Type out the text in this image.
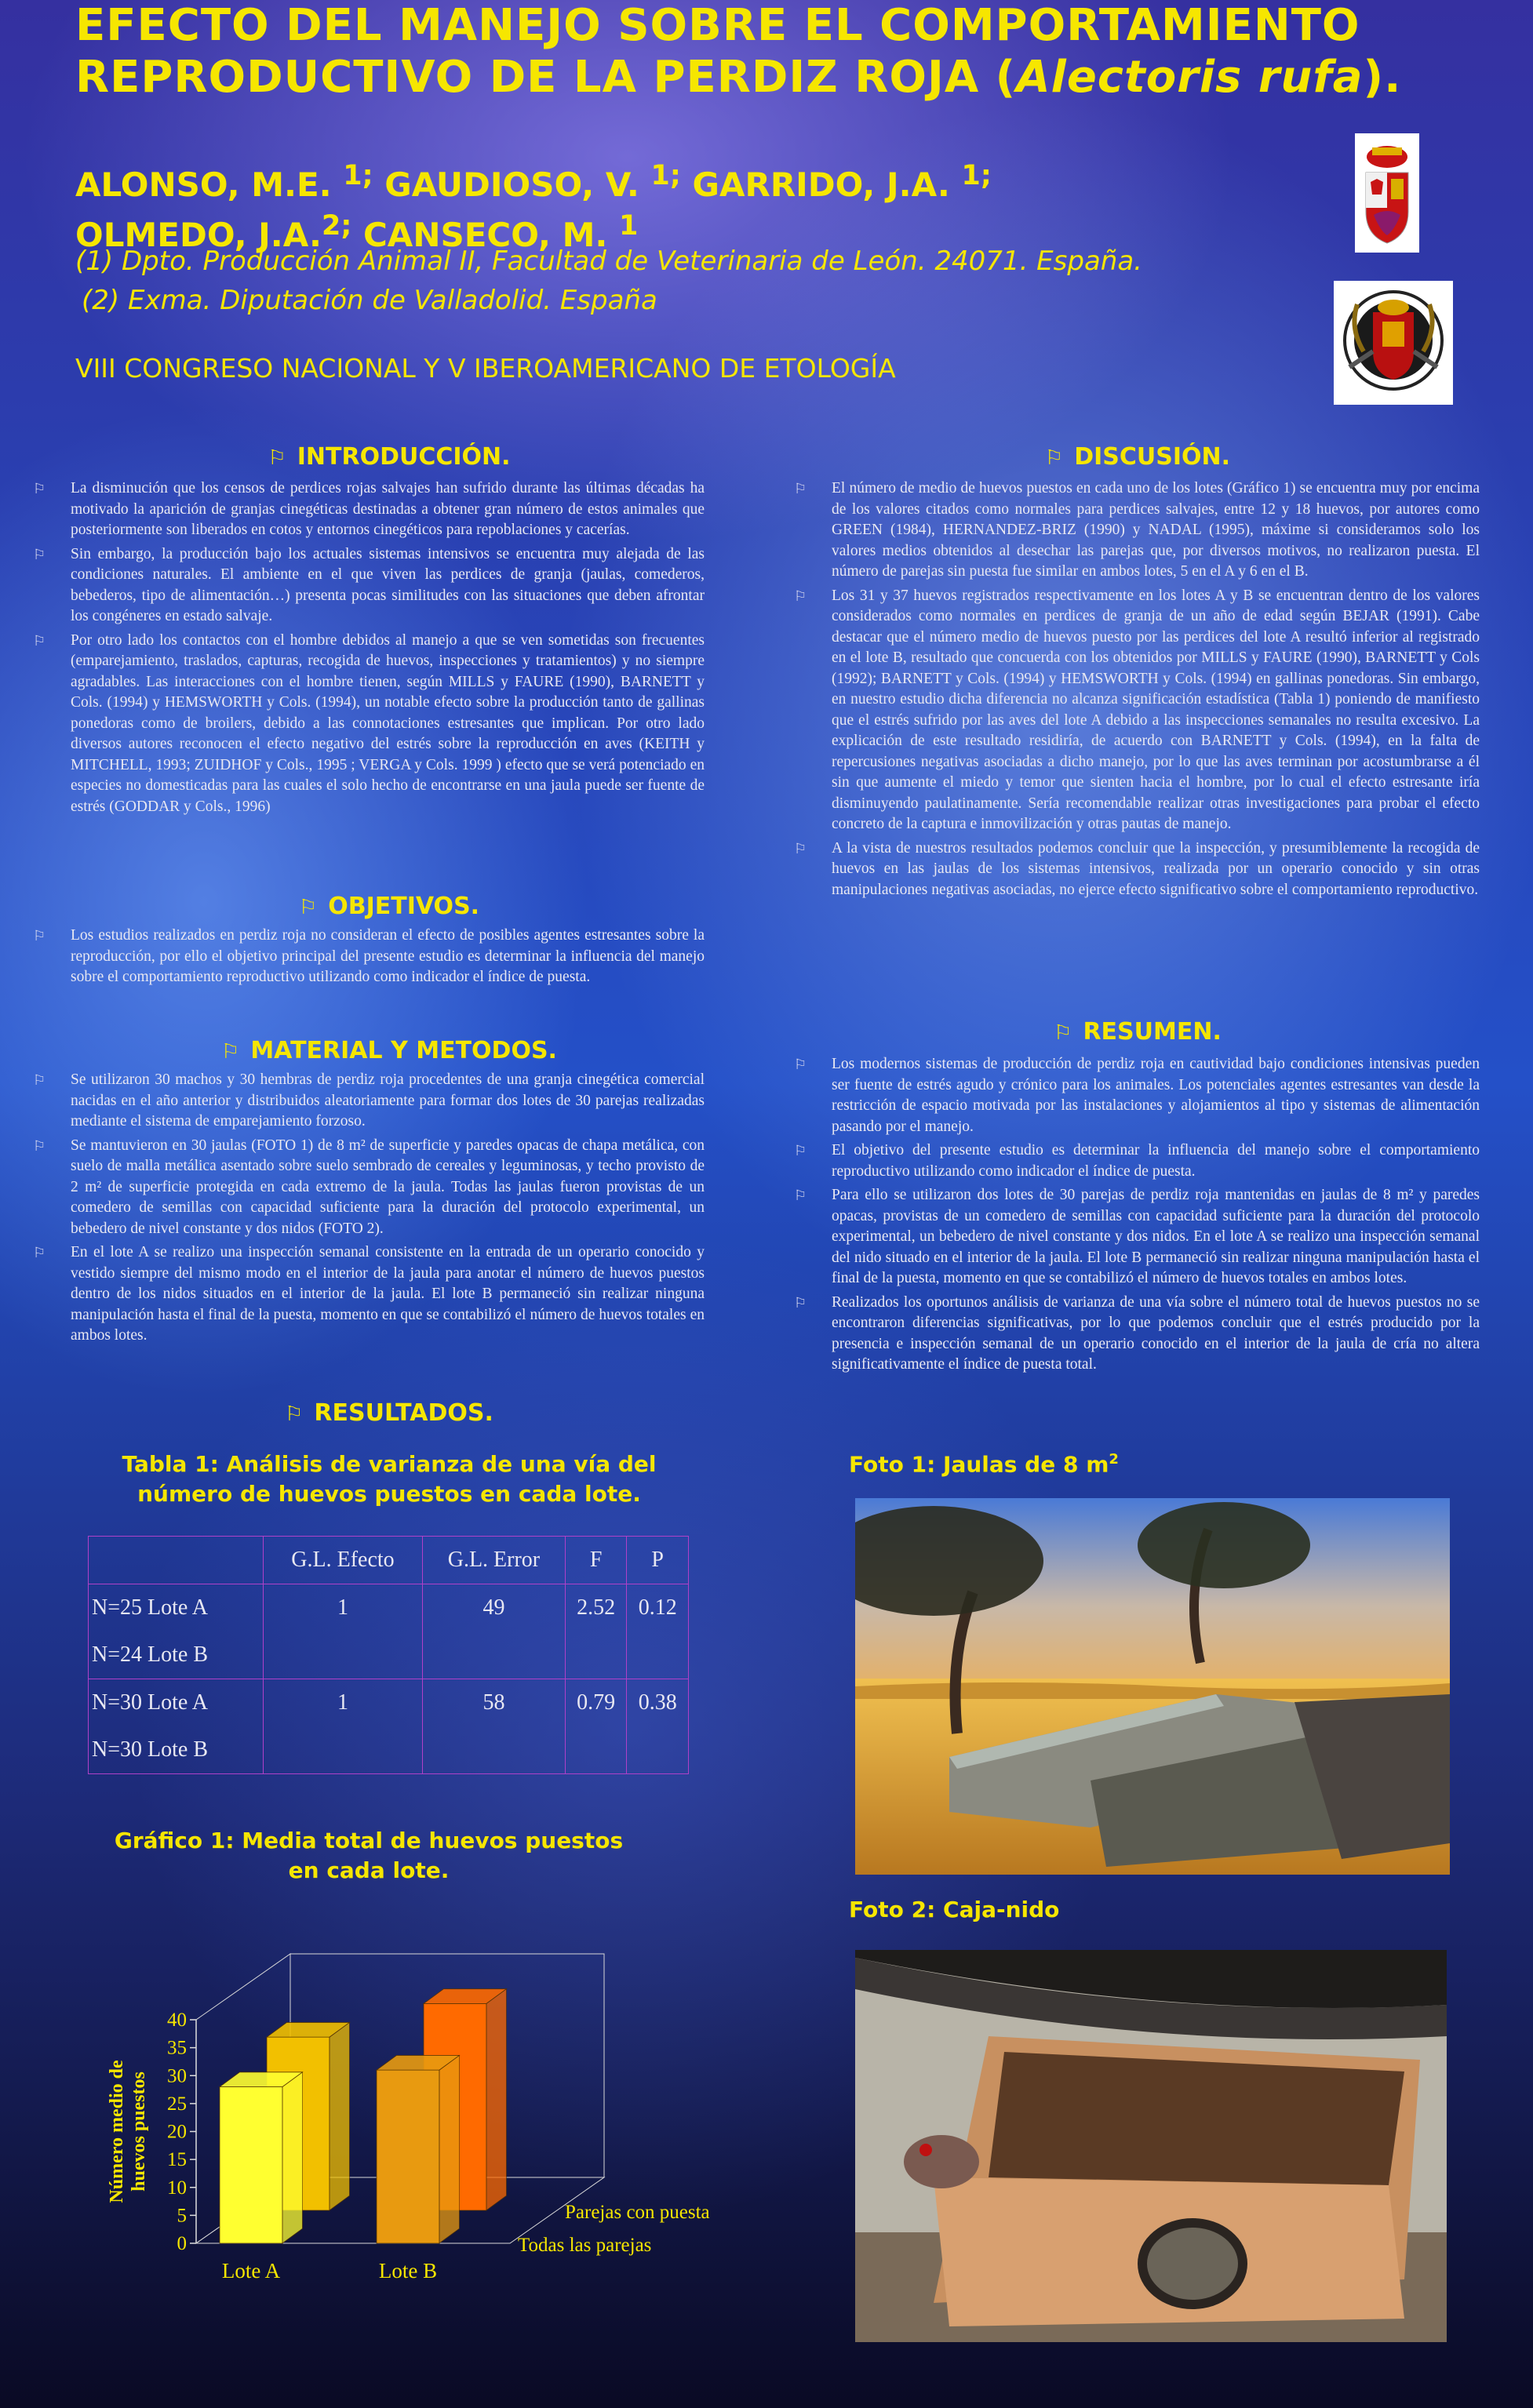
EFECTO DEL MANEJO SOBRE EL COMPORTAMIENTO REPRODUCTIVO DE LA PERDIZ ROJA (Alectoris rufa).
ALONSO, M.E. $^{1;}$ GAUDIOSO, V. $^{1;}$ GARRIDO, J.A. $^{1;}$
OLMEDO, J.A.$^{2;}$ CANSECO, M. $^1$
(1) Dpto. Producción Animal II, Facultad de Veterinaria de León. 24071. España.
(2) Exma. Diputación de Valladolid. España
VIII CONGRESO NACIONAL Y V IBEROAMERICANO DE ETOLOGÍA
⚐ INTRODUCCIÓN.
⚐ La disminución que los censos de perdices rojas salvajes han sufrido durante las últimas décadas ha motivado la aparición de granjas cinegéticas destinadas a obtener gran número de estos animales que posteriormente son liberados en cotos y entornos cinegéticos para repoblaciones y cacerías.
⚐ Sin embargo, la producción bajo los actuales sistemas intensivos se encuentra muy alejada de las condiciones naturales. El ambiente en el que viven las perdices de granja (jaulas, comederos, bebederos, tipo de alimentación…) presenta pocas similitudes con las situaciones que deben afrontar los congéneres en estado salvaje.
⚐ Por otro lado los contactos con el hombre debidos al manejo a que se ven sometidas son frecuentes (emparejamiento, traslados, capturas, recogida de huevos, inspecciones y tratamientos) y no siempre agradables. Las interacciones con el hombre tienen, según MILLS y FAURE (1990), BARNETT y Cols. (1994) y HEMSWORTH y Cols. (1994), un notable efecto sobre la producción tanto de gallinas ponedoras como de broilers, debido a las connotaciones estresantes que implican. Por otro lado diversos autores reconocen el efecto negativo del estrés sobre la reproducción en aves (KEITH y MITCHELL, 1993; ZUIDHOF y Cols., 1995 ; VERGA y Cols. 1999 ) efecto que se verá potenciado en especies no domesticadas para las cuales el solo hecho de encontrarse en una jaula puede ser fuente de estrés (GODDAR y Cols., 1996)
⚐ OBJETIVOS.
⚐ Los estudios realizados en perdiz roja no consideran el efecto de posibles agentes estresantes sobre la reproducción, por ello el objetivo principal del presente estudio es determinar la influencia del manejo sobre el comportamiento reproductivo utilizando como indicador el índice de puesta.
⚐ MATERIAL Y METODOS.
⚐ Se utilizaron 30 machos y 30 hembras de perdiz roja procedentes de una granja cinegética comercial nacidas en el año anterior y distribuidos aleatoriamente para formar dos lotes de 30 parejas realizadas mediante el sistema de emparejamiento forzoso.
⚐ Se mantuvieron en 30 jaulas (FOTO 1) de 8 m² de superficie y paredes opacas de chapa metálica, con suelo de malla metálica asentado sobre suelo sembrado de cereales y leguminosas, y techo provisto de 2 m² de superficie protegida en cada extremo de la jaula. Todas las jaulas fueron provistas de un comedero de semillas con capacidad suficiente para la duración del protocolo experimental, un bebedero de nivel constante y dos nidos (FOTO 2).
⚐ En el lote A se realizo una inspección semanal consistente en la entrada de un operario conocido y vestido siempre del mismo modo en el interior de la jaula para anotar el número de huevos puestos dentro de los nidos situados en el interior de la jaula. El lote B permaneció sin realizar ninguna manipulación hasta el final de la puesta, momento en que se contabilizó el número de huevos totales en ambos lotes.
⚐ RESULTADOS.
Tabla 1: Análisis de varianza de una vía del número de huevos puestos en cada lote.
	G.L. Efecto	G.L. Error	F	P
N=25 Lote A	1	49	2.52	0.12
N=24 Lote B				
N=30 Lote A	1	58	0.79	0.38
N=30 Lote B				
Gráfico 1: Media total de huevos puestos en cada lote.
0
5
10
15
20
25
30
35
40
Número medio dehuevos puestos
Lote A	Lote B
Todas las parejas
Parejas con puesta
⚐ DISCUSIÓN.
⚐ El número de medio de huevos puestos en cada uno de los lotes (Gráfico 1) se encuentra muy por encima de los valores citados como normales para perdices salvajes, entre 12 y 18 huevos, por autores como GREEN (1984), HERNANDEZ-BRIZ (1990) y NADAL (1995), máxime si consideramos solo los valores medios obtenidos al desechar las parejas que, por diversos motivos, no realizaron puesta. El número de parejas sin puesta fue similar en ambos lotes, 5 en el A y 6 en el B.
⚐ Los 31 y 37 huevos registrados respectivamente en los lotes A y B se encuentran dentro de los valores considerados como normales en perdices de granja de un año de edad según BEJAR (1991). Cabe destacar que el número medio de huevos puesto por las perdices del lote A resultó inferior al registrado en el lote B, resultado que concuerda con los obtenidos por MILLS y FAURE (1990), BARNETT y Cols (1992); BARNETT y Cols. (1994) y HEMSWORTH y Cols. (1994) en gallinas ponedoras. Sin embargo, en nuestro estudio dicha diferencia no alcanza significación estadística (Tabla 1) poniendo de manifiesto que el estrés sufrido por las aves del lote A debido a las inspecciones semanales no resulta excesivo. La explicación de este resultado residiría, de acuerdo con BARNETT y Cols. (1994), en la falta de repercusiones negativas asociadas a dicho manejo, por lo que las aves terminan por acostumbrarse a él sin que aumente el miedo y temor que sienten hacia el hombre, por lo cual el efecto estresante iría disminuyendo paulatinamente. Sería recomendable realizar otras investigaciones para probar el efecto concreto de la captura e inmovilización y otras pautas de manejo.
⚐ A la vista de nuestros resultados podemos concluir que la inspección, y presumiblemente la recogida de huevos en las jaulas de los sistemas intensivos, realizada por un operario conocido y sin otras manipulaciones negativas asociadas, no ejerce efecto significativo sobre el comportamiento reproductivo.
⚐ RESUMEN.
⚐ Los modernos sistemas de producción de perdiz roja en cautividad bajo condiciones intensivas pueden ser fuente de estrés agudo y crónico para los animales. Los potenciales agentes estresantes van desde la restricción de espacio motivada por las instalaciones y alojamientos al tipo y sistemas de alimentación pasando por el manejo.
⚐ El objetivo del presente estudio es determinar la influencia del manejo sobre el comportamiento reproductivo utilizando como indicador el índice de puesta.
⚐ Para ello se utilizaron dos lotes de 30 parejas de perdiz roja mantenidas en jaulas de 8 m² y paredes opacas, provistas de un comedero de semillas con capacidad suficiente para la duración del protocolo experimental, un bebedero de nivel constante y dos nidos. En el lote A se realizo una inspección semanal del nido situado en el interior de la jaula. El lote B permaneció sin realizar ninguna manipulación hasta el final de la puesta, momento en que se contabilizó el número de huevos totales en ambos lotes.
⚐ Realizados los oportunos análisis de varianza de una vía sobre el número total de huevos puestos no se encontraron diferencias significativas, por lo que podemos concluir que el estrés producido por la presencia e inspección semanal de un operario conocido en el interior de la jaula de cría no altera significativamente el índice de puesta total.
Foto 1: Jaulas de 8 $m^2$
Foto 2: Caja-nido
